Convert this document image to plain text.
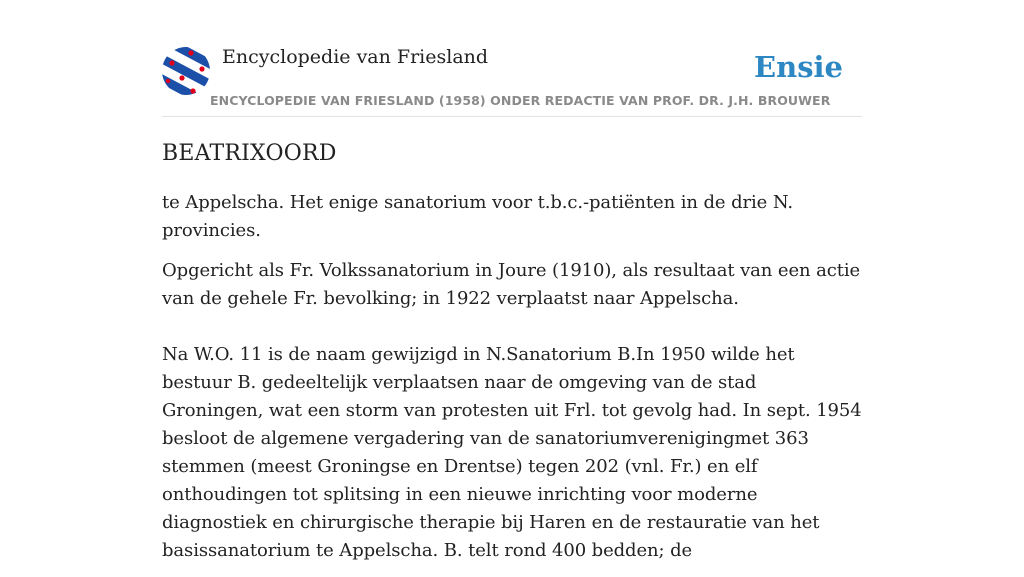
Encyclopedie van Friesland	Ensie
ENCYCLOPEDIE VAN FRIESLAND (1958) ONDER REDACTIE VAN PROF. DR. J.H. BROUWER
BEATRIXOORD

te Appelscha. Het enige sanatorium voor t.b.c.-patiënten in de drie N. provincies.

Opgericht als Fr. Volkssanatorium in Joure (1910), als resultaat van een actie van de gehele Fr. bevolking; in 1922 verplaatst naar Appelscha.

Na W.O. 11 is de naam gewijzigd in N.Sanatorium B.In 1950 wilde het bestuur B. gedeeltelijk verplaatsen naar de omgeving van de stad Groningen, wat een storm van protesten uit Frl. tot gevolg had. In sept. 1954 besloot de algemene vergadering van de sanatoriumverenigingmet 363 stemmen (meest Groningse en Drentse) tegen 202 (vnl. Fr.) en elf onthoudingen tot splitsing in een nieuwe inrichting voor moderne diagnostiek en chirurgische therapie bij Haren en de restauratie van het basissanatorium te Appelscha. B. telt rond 400 bedden; de
